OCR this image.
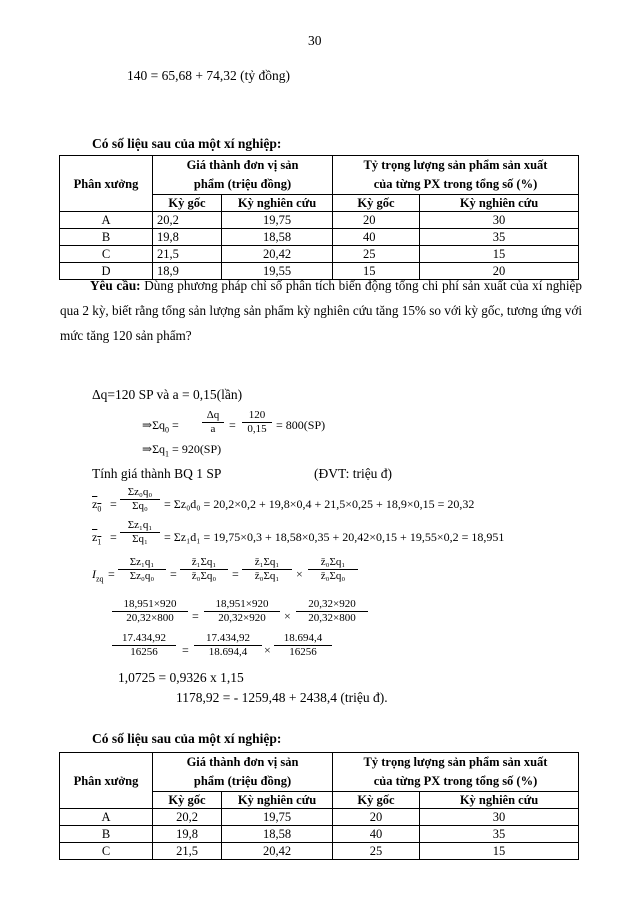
30
140 = 65,68 + 74,32 (tỷ đồng)
Có số liệu sau của một xí nghiệp:
Phân xưởng	Giá thành đơn vị sản
phẩm (triệu đồng)		Tỷ trọng lượng sản phẩm sản xuất
của từng PX trong tổng số (%)	
	Kỳ gốc	Kỳ nghiên cứu	Kỳ gốc	Kỳ nghiên cứu
A	20,2	19,75	20	30
B	19,8	18,58	40	35
C	21,5	20,42	25	15
D	18,9	19,55	15	20
Yêu cầu: Dùng phương pháp chỉ số phân tích biến động tổng chi phí sản xuất của xí nghiệp qua 2 kỳ, biết rằng tổng sản lượng sản phẩm kỳ nghiên cứu tăng 15% so với kỳ gốc, tương ứng với mức tăng 120 sản phẩm?
Δq=120 SP và a = 0,15(lần)
$\Rightarrow\Sigma q_0 = \frac{\Delta q}{a} = \frac{120}{0,15} = 800(SP)$
$\Rightarrow\Sigma q_1 = 920(SP)$
Tính giá thành BQ 1 SP	(ĐVT: triệu đ)
$z_0 = \frac{\text{Σz₀q₀}}{\text{Σq₀}} = \Sigma z_0d_0 = 20,2\times 0,2 + 19,8\times 0,4 + 21,5\times 0,25 + 18,9\times 0,15 = 20,32$
$z_1 = \frac{\text{Σz₁q₁}}{\text{Σq₁}} = \Sigma z_1d_1 = 19,75\times 0,3 + 18,58\times 0,35 + 20,42\times 0,15 + 19,55\times 0,2 = 18,951$
$I_{zq} = \frac{\text{Σz₁q₁}}{\text{Σz₀q₀}} = \frac{\text{z̄₁Σq₁}}{\text{z̄₀Σq₀}} = \frac{\text{z̄₁Σq₁}}{\text{z̄₀Σq₁}} \times \frac{\text{z̄₀Σq₁}}{\text{z̄₀Σq₀}}$
$\frac{18,951\times 920}{20,32\times 800} = \frac{18,951\times 920}{20,32\times 920} \times \frac{20,32\times 920}{20,32\times 800}$
$\frac{17.434,92}{16256} = \frac{17.434,92}{18.694,4} \times \frac{18.694,4}{16256}$
1,0725 = 0,9326 x 1,15
1178,92 = - 1259,48 + 2438,4 (triệu đ).
Có số liệu sau của một xí nghiệp:
Phân xưởng	Giá thành đơn vị sản
phẩm (triệu đồng)		Tỷ trọng lượng sản phẩm sản xuất
của từng PX trong tổng số (%)	
	Kỳ gốc	Kỳ nghiên cứu	Kỳ gốc	Kỳ nghiên cứu
A	20,2	19,75	20	30
B	19,8	18,58	40	35
C	21,5	20,42	25	15
